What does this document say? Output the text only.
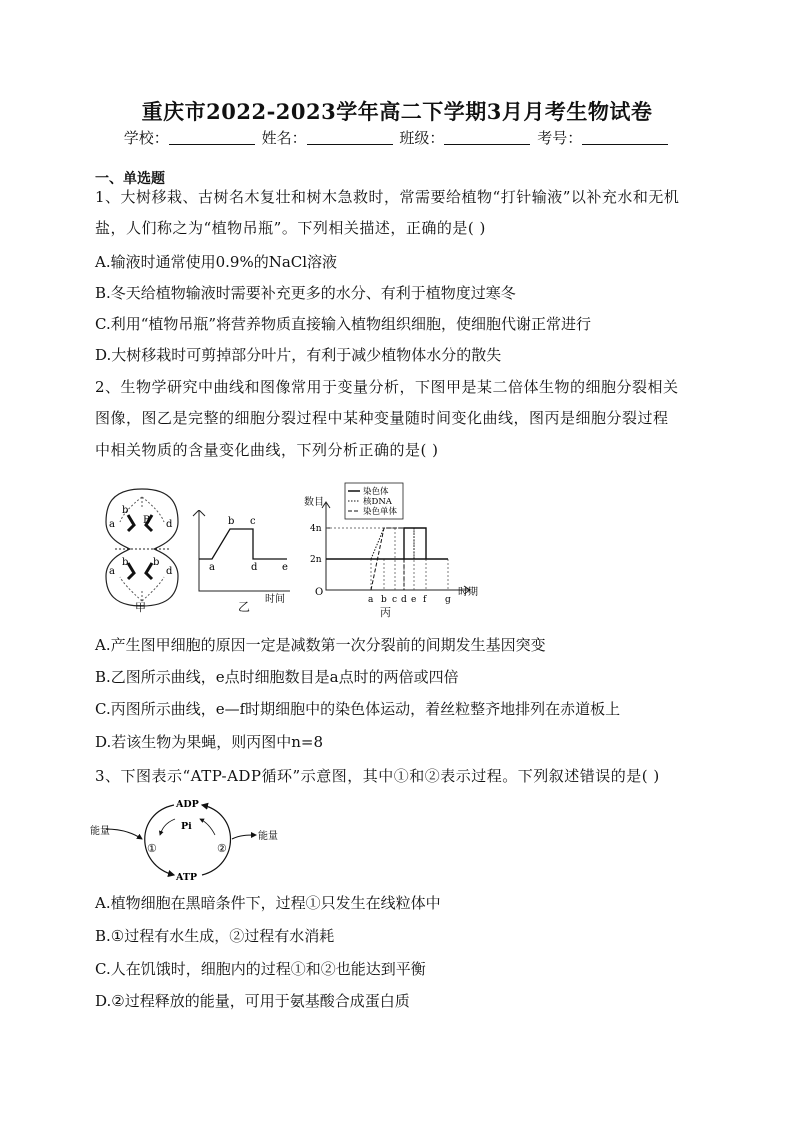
重庆市2022-2023学年高二下学期3月月考生物试卷
学校：	姓名：	班级：	考号：
一、单选题
1、大树移栽、古树名木复壮和树木急救时，常需要给植物“打针输液”以补充水和无机
盐，人们称之为“植物吊瓶”。下列相关描述，正确的是( )
A.输液时通常使用0.9%的NaCl溶液
B.冬天给植物输液时需要补充更多的水分、有利于植物度过寒冬
C.利用“植物吊瓶”将营养物质直接输入植物组织细胞，使细胞代谢正常进行
D.大树移栽时可剪掉部分叶片，有利于减少植物体水分的散失
2、生物学研究中曲线和图像常用于变量分析，下图甲是某二倍体生物的细胞分裂相关
图像，图乙是完整的细胞分裂过程中某种变量随时间变化曲线，图丙是细胞分裂过程
中相关物质的含量变化曲线，下列分析正确的是( )
a
b
B d
a
b b
d
甲
a
b c
d e
时间
乙
数目
O	时期
4n
2n
染色体
核DNA
染色单体
a b c d e f g
丙
A.产生图甲细胞的原因一定是减数第一次分裂前的间期发生基因突变
B.乙图所示曲线，e点时细胞数目是a点时的两倍或四倍
C.丙图所示曲线，e—f时期细胞中的染色体运动，着丝粒整齐地排列在赤道板上
D.若该生物为果蝇，则丙图中n=8
3、下图表示“ATP-ADP循环”示意图，其中①和②表示过程。下列叙述错误的是( )
ADP
Pi
ATP
能量	能量
①	②
A.植物细胞在黑暗条件下，过程①只发生在线粒体中
B.①过程有水生成，②过程有水消耗
C.人在饥饿时，细胞内的过程①和②也能达到平衡
D.②过程释放的能量，可用于氨基酸合成蛋白质
